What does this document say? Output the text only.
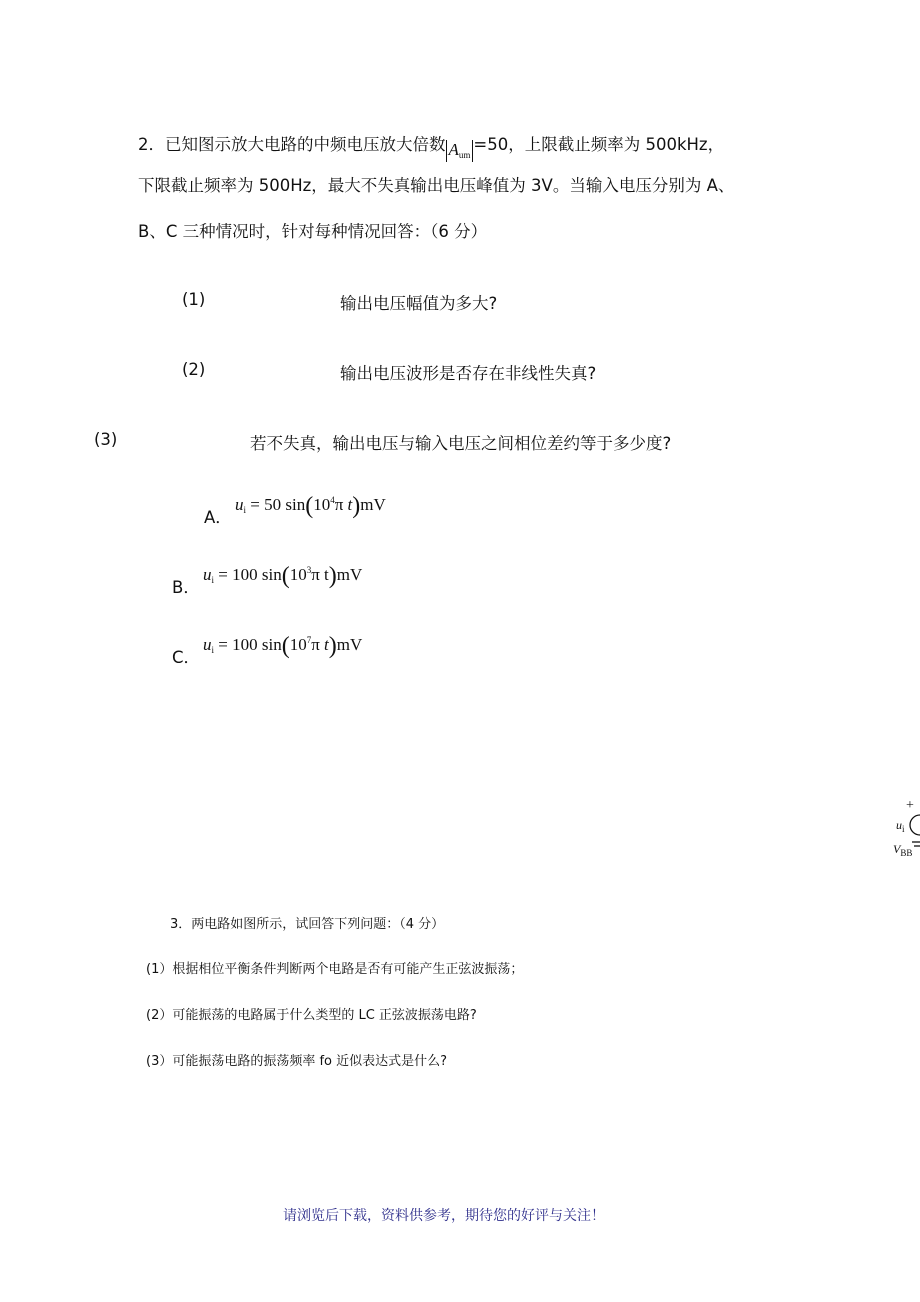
2．已知图示放大电路的中频电压放大倍数 $A_{um}=50$，上限截止频率为 500kHz，
下限截止频率为 500Hz，最大不失真输出电压峰值为 3V。当输入电压分别为 A、
B、C 三种情况时，针对每种情况回答：（6 分）
(1)	输出电压幅值为多大?
(2)	输出电压波形是否存在非线性失真?
(3)	若不失真，输出电压与输入电压之间相位差约等于多少度?
A．
$u_i = 50$ $\sin(10^4\pi$ t)mV
B．
$u_i = 100$ $\sin(10^3\pi$ t)mV
C．
$u_i = 100$ $\sin(10^7\pi$ t)mV
+
$u_i$
$V_{BB}$
3．两电路如图所示，试回答下列问题：（4 分）
(1）根据相位平衡条件判断两个电路是否有可能产生正弦波振荡；
(2）可能振荡的电路属于什么类型的 LC 正弦波振荡电路?
(3）可能振荡电路的振荡频率 fo 近似表达式是什么?
请浏览后下载，资料供参考，期待您的好评与关注！
